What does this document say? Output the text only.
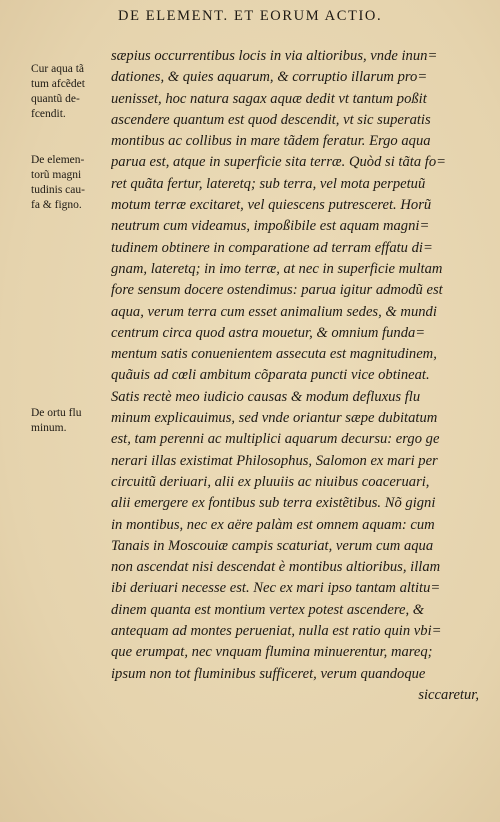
DE ELEMENT. ET EORUM ACTIO.
Cur aqua tã
tum afcẽdet
quantũ de-
fcendit.
De elemen-
torũ magni
tudinis cau-
fa & figno.
De ortu flu
minum.
sæpius occurrentibus locis in via altioribus, vnde inun=
dationes, & quies aquarum, & corruptio illarum pro=
uenisset, hoc natura sagax aquæ dedit vt tantum poßit
ascendere quantum est quod descendit, vt sic superatis
montibus ac collibus in mare tãdem feratur. Ergo aqua
parua est, atque in superficie sita terræ. Quòd si tãta fo=
ret quãta fertur, lateretq; sub terra, vel mota perpetuũ
motum terræ excitaret, vel quiescens putresceret. Horũ
neutrum cum videamus, impoßibile est aquam magni=
tudinem obtinere in comparatione ad terram effatu di=
gnam, lateretq; in imo terræ, at nec in superficie multam
fore sensum docere ostendimus: parua igitur admodũ est
aqua, verum terra cum esset animalium sedes, & mundi
centrum circa quod astra mouetur, & omnium funda=
mentum satis conuenientem assecuta est magnitudinem,
quãuis ad cœli ambitum cõparata puncti vice obtineat.
Satis rectè meo iudicio causas & modum defluxus flu
minum explicauimus, sed vnde oriantur sæpe dubitatum
est, tam perenni ac multiplici aquarum decursu: ergo ge
nerari illas existimat Philosophus, Salomon ex mari per
circuitũ deriuari, alii ex pluuiis ac niuibus coaceruari,
alii emergere ex fontibus sub terra existẽtibus. Nõ gigni
in montibus, nec ex aëre palàm est omnem aquam: cum
Tanais in Moscouiæ campis scaturiat, verum cum aqua
non ascendat nisi descendat è montibus altioribus, illam
ibi deriuari necesse est. Nec ex mari ipso tantam altitu=
dinem quanta est montium vertex potest ascendere, &
antequam ad montes perueniat, nulla est ratio quin vbi=
que erumpat, nec vnquam flumina minuerentur, mareq;
ipsum non tot fluminibus sufficeret, verum quandoque
siccaretur,
